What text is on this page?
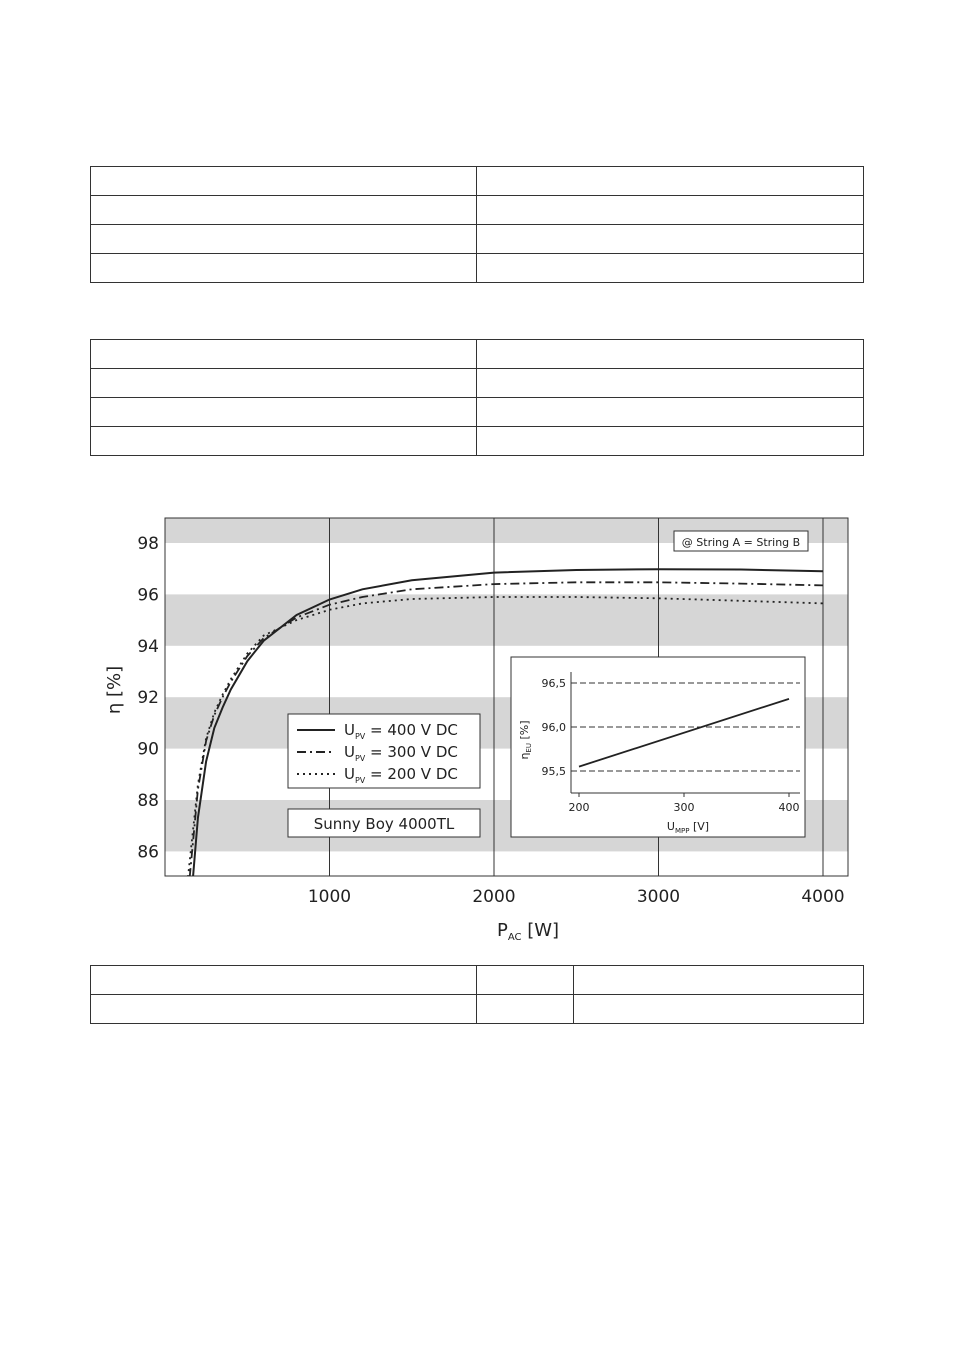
1000	2000	3000	4000
86
88
90
92
94
96
98
η [%]
$P_{AC}$ [W]
@ String A = String B
$U_{PV} = 400$ V DC
$U_{PV} = 300$ V DC
$U_{PV} = 200$ V DC
Sunny Boy 4000TL
96,5
96,0
95,5
200	300	400
$U_{MPP}$ [V]
$\eta_{EU}$ [%]
